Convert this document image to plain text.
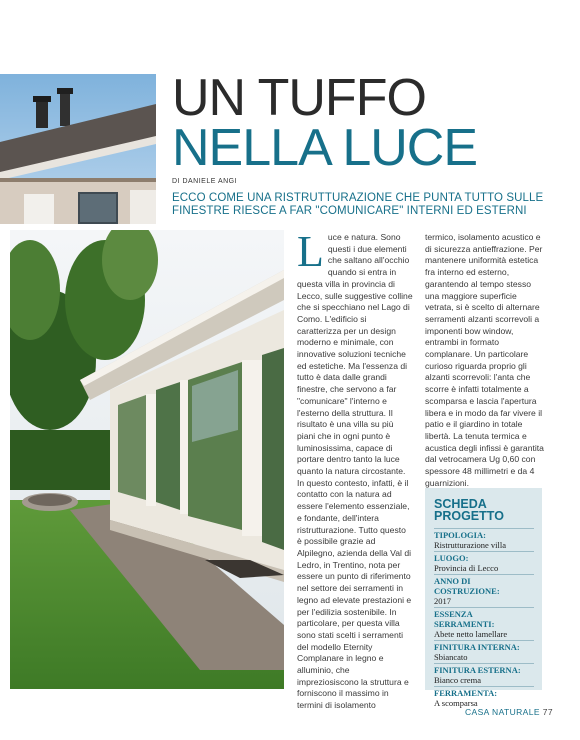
UN TUFFO
NELLA LUCE
DI DANIELE ANGI
ECCO COME UNA RISTRUTTURAZIONE CHE PUNTA TUTTO SULLE FINESTRE RIESCE A FAR "COMUNICARE" INTERNI ED ESTERNI
L uce e natura. Sono questi i due elementi che saltano all'occhio quando si entra in questa villa in provincia di Lecco, sulle suggestive colline che si specchiano nel Lago di Como. L'edificio si caratterizza per un design moderno e minimale, con innovative soluzioni tecniche ed estetiche. Ma l'essenza di tutto è data dalle grandi finestre, che servono a far "comunicare" l'interno e l'esterno della struttura. Il risultato è una villa su più piani che in ogni punto è luminosissima, capace di portare dentro tanto la luce quanto la natura circostante. In questo contesto, infatti, è il contatto con la natura ad essere l'elemento essenziale, e fondante, dell'intera ristrutturazione. Tutto questo è possibile grazie ad Alpilegno, azienda della Val di Ledro, in Trentino, nota per essere un punto di riferimento nel settore dei serramenti in legno ad elevate prestazioni e per l'edilizia sostenibile. In particolare, per questa villa sono stati scelti i serramenti del modello Eternity Complanare in legno e alluminio, che impreziosiscono la struttura e forniscono il massimo in termini di isolamento

termico, isolamento acustico e di sicurezza antieffrazione. Per mantenere uniformità estetica fra interno ed esterno, garantendo al tempo stesso una maggiore superficie vetrata, si è scelto di alternare serramenti alzanti scorrevoli a imponenti bow window, entrambi in formato complanare. Un particolare curioso riguarda proprio gli alzanti scorrevoli: l'anta che scorre è infatti totalmente a scomparsa e lascia l'apertura libera e in modo da far vivere il patio e il giardino in totale libertà. La tenuta termica e acustica degli infissi è garantita dal vetrocamera Ug 0,60 con spessore 48 millimetri e da 4 guarnizioni.

SCHEDA
PROGETTO
TIPOLOGIA:
Ristrutturazione villa
LUOGO:
Provincia di Lecco
ANNO DI COSTRUZIONE:
2017
ESSENZA SERRAMENTI:
Abete netto lamellare
FINITURA INTERNA:
Sbiancato
FINITURA ESTERNA:
Bianco crema
FERRAMENTA:
A scomparsa
CASA NATURALE 77
